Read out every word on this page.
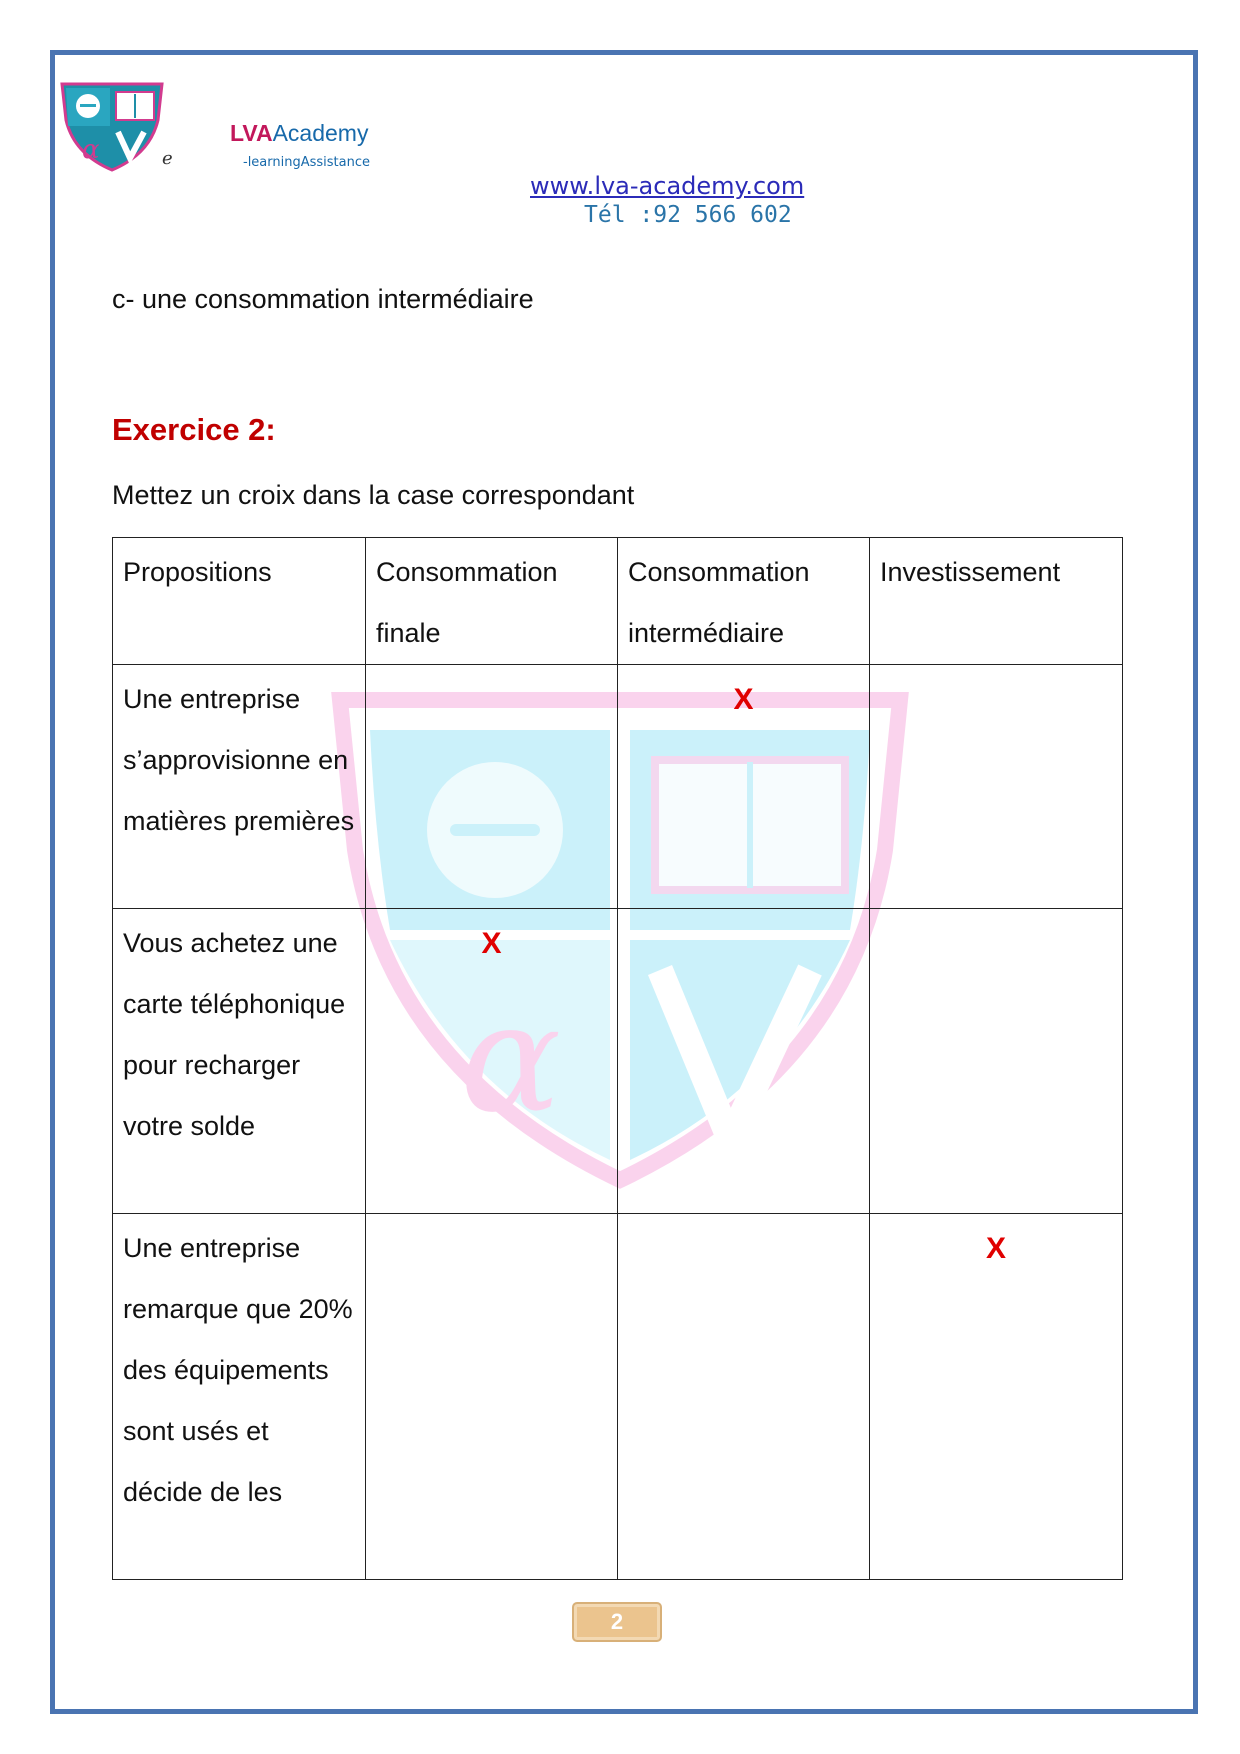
α	e
LVAAcademy
-learningAssistance
www.lva-academy.com
Tél :92 566 602
c- une consommation intermédiaire
Exercice 2:
Mettez un croix dans la case correspondant
α
Propositions	Consommation finale	Consommation intermédiaire	Investissement
Une entreprise s’approvisionne en matières premières		X	

Vous achetez une carte téléphonique pour recharger votre solde	X		

Une entreprise remarque que 20% des équipements sont usés et décide de les			X
2
